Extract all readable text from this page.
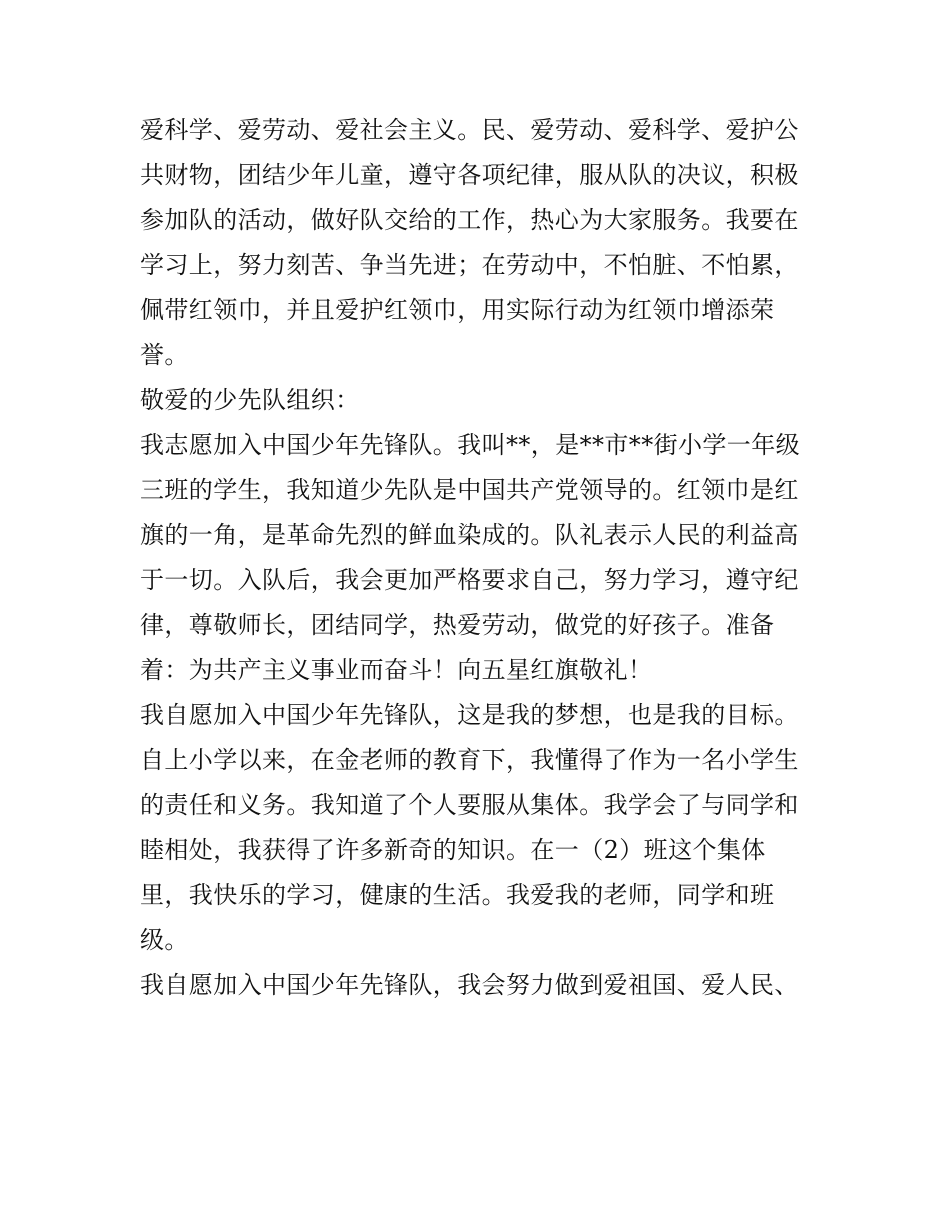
爱科学、爱劳动、爱社会主义。民、爱劳动、爱科学、爱护公
共财物，团结少年儿童，遵守各项纪律，服从队的决议，积极
参加队的活动，做好队交给的工作，热心为大家服务。我要在
学习上，努力刻苦、争当先进；在劳动中，不怕脏、不怕累，
佩带红领巾，并且爱护红领巾，用实际行动为红领巾增添荣
誉。
敬爱的少先队组织：
我志愿加入中国少年先锋队。我叫**，是**市**街小学一年级
三班的学生，我知道少先队是中国共产党领导的。红领巾是红
旗的一角，是革命先烈的鲜血染成的。队礼表示人民的利益高
于一切。入队后，我会更加严格要求自己，努力学习，遵守纪
律，尊敬师长，团结同学，热爱劳动，做党的好孩子。准备
着：为共产主义事业而奋斗！向五星红旗敬礼！
我自愿加入中国少年先锋队，这是我的梦想，也是我的目标。
自上小学以来，在金老师的教育下，我懂得了作为一名小学生
的责任和义务。我知道了个人要服从集体。我学会了与同学和
睦相处，我获得了许多新奇的知识。在一（2）班这个集体
里，我快乐的学习，健康的生活。我爱我的老师，同学和班
级。
我自愿加入中国少年先锋队，我会努力做到爱祖国、爱人民、
